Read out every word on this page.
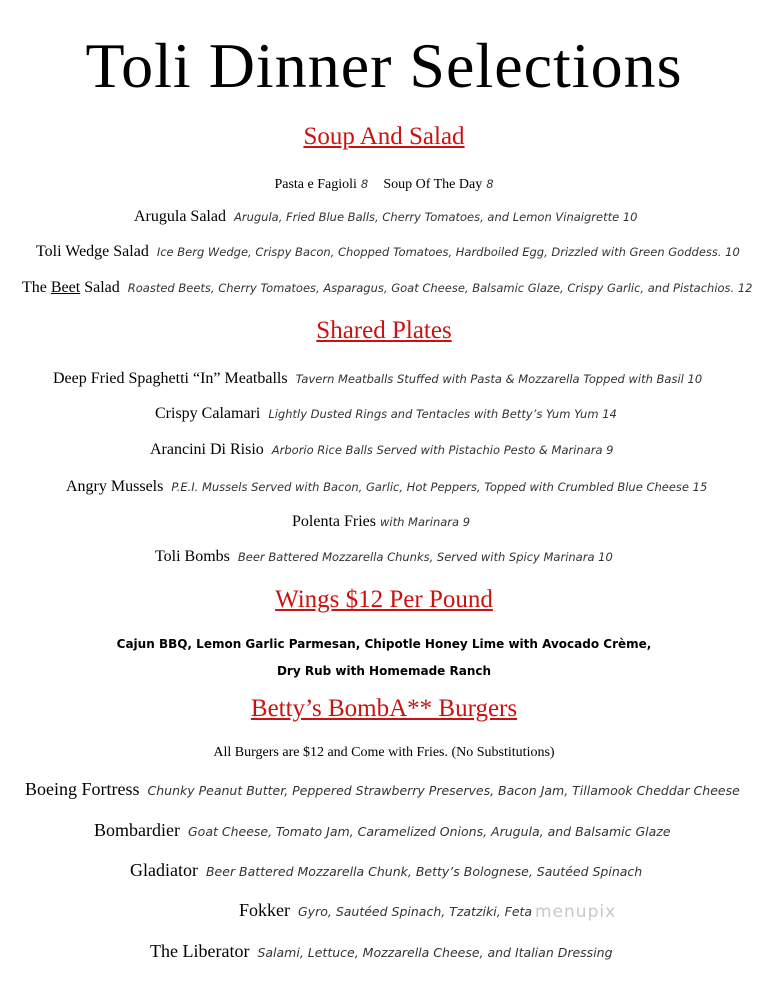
Toli Dinner Selections
Soup And Salad
Pasta e Fagioli 8 Soup Of The Day 8
Arugula Salad Arugula, Fried Blue Balls, Cherry Tomatoes, and Lemon Vinaigrette 10
Toli Wedge Salad Ice Berg Wedge, Crispy Bacon, Chopped Tomatoes, Hardboiled Egg, Drizzled with Green Goddess. 10
The Beet Salad Roasted Beets, Cherry Tomatoes, Asparagus, Goat Cheese, Balsamic Glaze, Crispy Garlic, and Pistachios. 12
Shared Plates
Deep Fried Spaghetti “In” Meatballs Tavern Meatballs Stuffed with Pasta & Mozzarella Topped with Basil 10
Crispy Calamari Lightly Dusted Rings and Tentacles with Betty’s Yum Yum 14
Arancini Di Risio Arborio Rice Balls Served with Pistachio Pesto & Marinara 9
Angry Mussels P.E.I. Mussels Served with Bacon, Garlic, Hot Peppers, Topped with Crumbled Blue Cheese 15
Polenta Fries with Marinara 9
Toli Bombs Beer Battered Mozzarella Chunks, Served with Spicy Marinara 10
Wings $12 Per Pound
Cajun BBQ, Lemon Garlic Parmesan, Chipotle Honey Lime with Avocado Crème,
Dry Rub with Homemade Ranch
Betty’s BombA** Burgers
All Burgers are $12 and Come with Fries. (No Substitutions)
Boeing Fortress Chunky Peanut Butter, Peppered Strawberry Preserves, Bacon Jam, Tillamook Cheddar Cheese
Bombardier Goat Cheese, Tomato Jam, Caramelized Onions, Arugula, and Balsamic Glaze
Gladiator Beer Battered Mozzarella Chunk, Betty’s Bolognese, Sautéed Spinach
Fokker Gyro, Sautéed Spinach, Tzatziki, Feta
The Liberator Salami, Lettuce, Mozzarella Cheese, and Italian Dressing
menupix
